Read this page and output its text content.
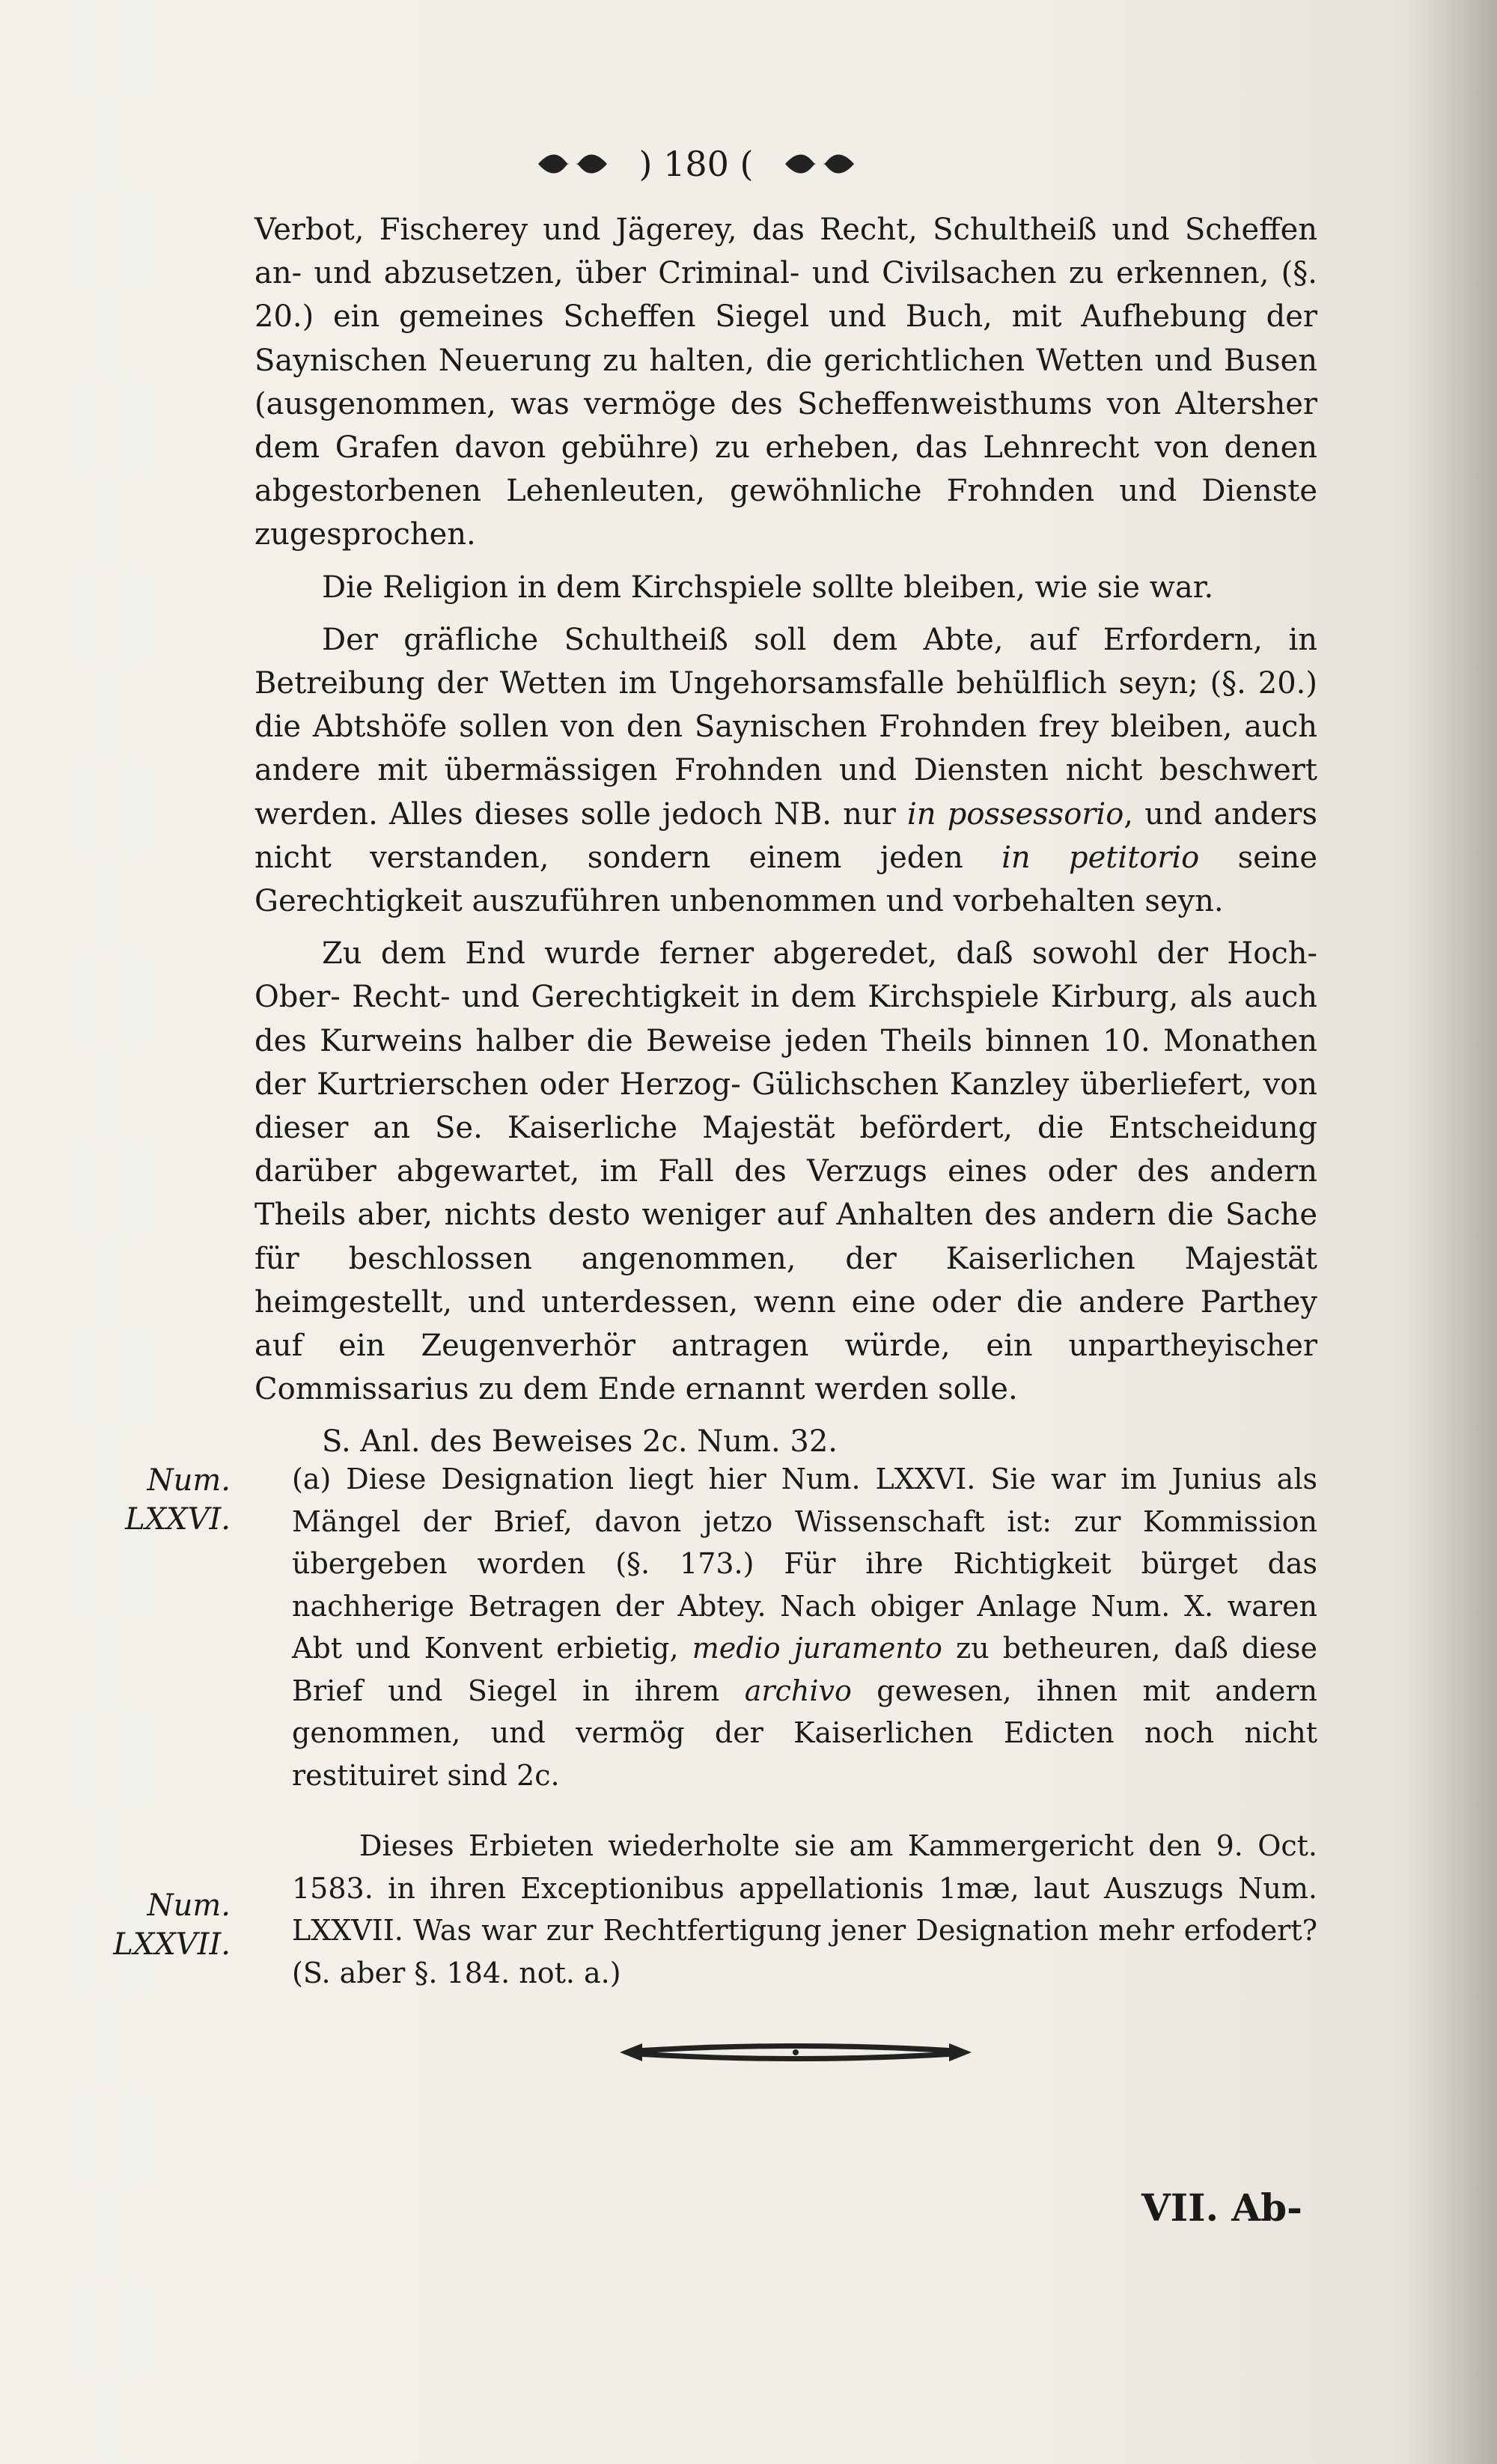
) 180 (

Verbot, Fischerey und Jägerey, das Recht, Schultheiß und Scheffen an- und abzusetzen, über Criminal- und Civilsachen zu erkennen, (§. 20.) ein gemeines Scheffen Siegel und Buch, mit Aufhebung der Saynischen Neuerung zu halten, die gerichtlichen Wetten und Busen (ausgenommen, was vermöge des Scheffenweisthums von Altersher dem Grafen davon gebühre) zu erheben, das Lehnrecht von denen abgestorbenen Lehenleuten, gewöhnliche Frohnden und Dienste zugesprochen.

Die Religion in dem Kirchspiele sollte bleiben, wie sie war.

Der gräfliche Schultheiß soll dem Abte, auf Erfordern, in Betreibung der Wetten im Ungehorsamsfalle behülflich seyn; (§. 20.) die Abtshöfe sollen von den Saynischen Frohnden frey bleiben, auch andere mit übermässigen Frohnden und Diensten nicht beschwert werden. Alles dieses solle jedoch NB. nur in possessorio, und anders nicht verstanden, sondern einem jeden in petitorio seine Gerechtigkeit auszuführen unbenommen und vorbehalten seyn.

Zu dem End wurde ferner abgeredet, daß sowohl der Hoch- Ober- Recht- und Gerechtigkeit in dem Kirchspiele Kirburg, als auch des Kurweins halber die Beweise jeden Theils binnen 10. Monathen der Kurtrierschen oder Herzog- Gülichschen Kanzley überliefert, von dieser an Se. Kaiserliche Majestät befördert, die Entscheidung darüber abgewartet, im Fall des Verzugs eines oder des andern Theils aber, nichts desto weniger auf Anhalten des andern die Sache für beschlossen angenommen, der Kaiserlichen Majestät heimgestellt, und unterdessen, wenn eine oder die andere Parthey auf ein Zeugenverhör antragen würde, ein unpartheyischer Commissarius zu dem Ende ernannt werden solle.

S. Anl. des Beweises 2c. Num. 32.

Num.
LXXVI.

(a) Diese Designation liegt hier Num. LXXVI. Sie war im Junius als Mängel der Brief, davon jetzo Wissenschaft ist: zur Kommission übergeben worden (§. 173.) Für ihre Richtigkeit bürget das nachherige Betragen der Abtey. Nach obiger Anlage Num. X. waren Abt und Konvent erbietig, medio juramento zu betheuren, daß diese Brief und Siegel in ihrem archivo gewesen, ihnen mit andern genommen, und vermög der Kaiserlichen Edicten noch nicht restituiret sind 2c.

Num.
LXXVII.

Dieses Erbieten wiederholte sie am Kammergericht den 9. Oct. 1583. in ihren Exceptionibus appellationis 1mæ, laut Auszugs Num. LXXVII. Was war zur Rechtfertigung jener Designation mehr erfodert? (S. aber §. 184. not. a.)

VII. Ab-
